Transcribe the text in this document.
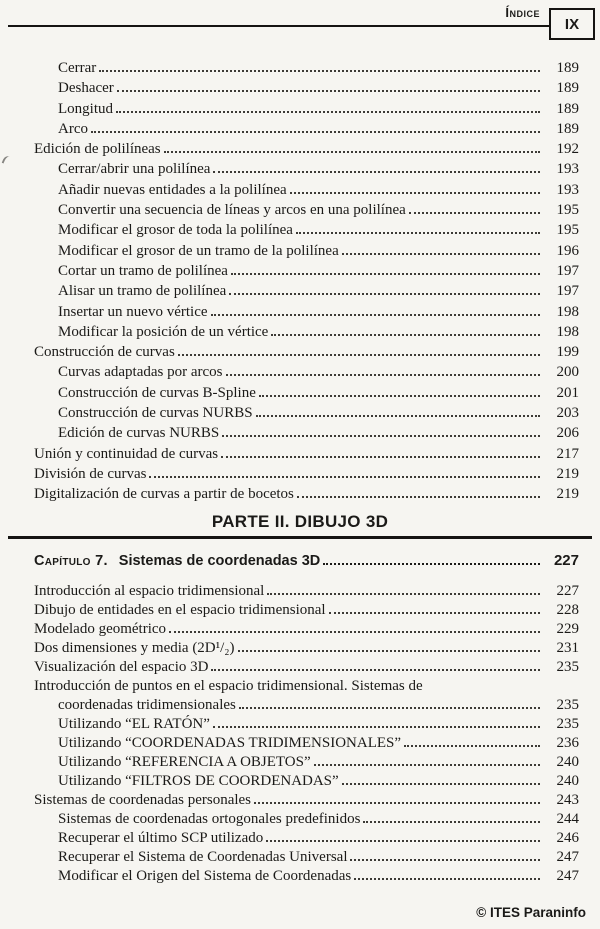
Índice
IX
Cerrar	189
Deshacer	189
Longitud	189
Arco	189
Edición de polilíneas	192
Cerrar/abrir una polilínea	193
Añadir nuevas entidades a la polilínea	193
Convertir una secuencia de líneas y arcos en una polilínea	195
Modificar el grosor de toda la polilínea	195
Modificar el grosor de un tramo de la polilínea	196
Cortar un tramo de polilínea	197
Alisar un tramo de polilínea	197
Insertar un nuevo vértice	198
Modificar la posición de un vértice	198
Construcción de curvas	199
Curvas adaptadas por arcos	200
Construcción de curvas B-Spline	201
Construcción de curvas NURBS	203
Edición de curvas NURBS	206
Unión y continuidad de curvas	217
División de curvas	219
Digitalización de curvas a partir de bocetos	219
PARTE II. DIBUJO 3D
Capítulo 7. Sistemas de coordenadas 3D	227
Introducción al espacio tridimensional	227
Dibujo de entidades en el espacio tridimensional	228
Modelado geométrico	229
Dos dimensiones y media (2D¹/₂)	231
Visualización del espacio 3D	235
Introducción de puntos en el espacio tridimensional. Sistemas de
coordenadas tridimensionales	235
Utilizando “EL RATÓN”	235
Utilizando “COORDENADAS TRIDIMENSIONALES”	236
Utilizando “REFERENCIA A OBJETOS”	240
Utilizando “FILTROS DE COORDENADAS”	240
Sistemas de coordenadas personales	243
Sistemas de coordenadas ortogonales predefinidos	244
Recuperar el último SCP utilizado	246
Recuperar el Sistema de Coordenadas Universal	247
Modificar el Origen del Sistema de Coordenadas	247
© ITES Paraninfo
